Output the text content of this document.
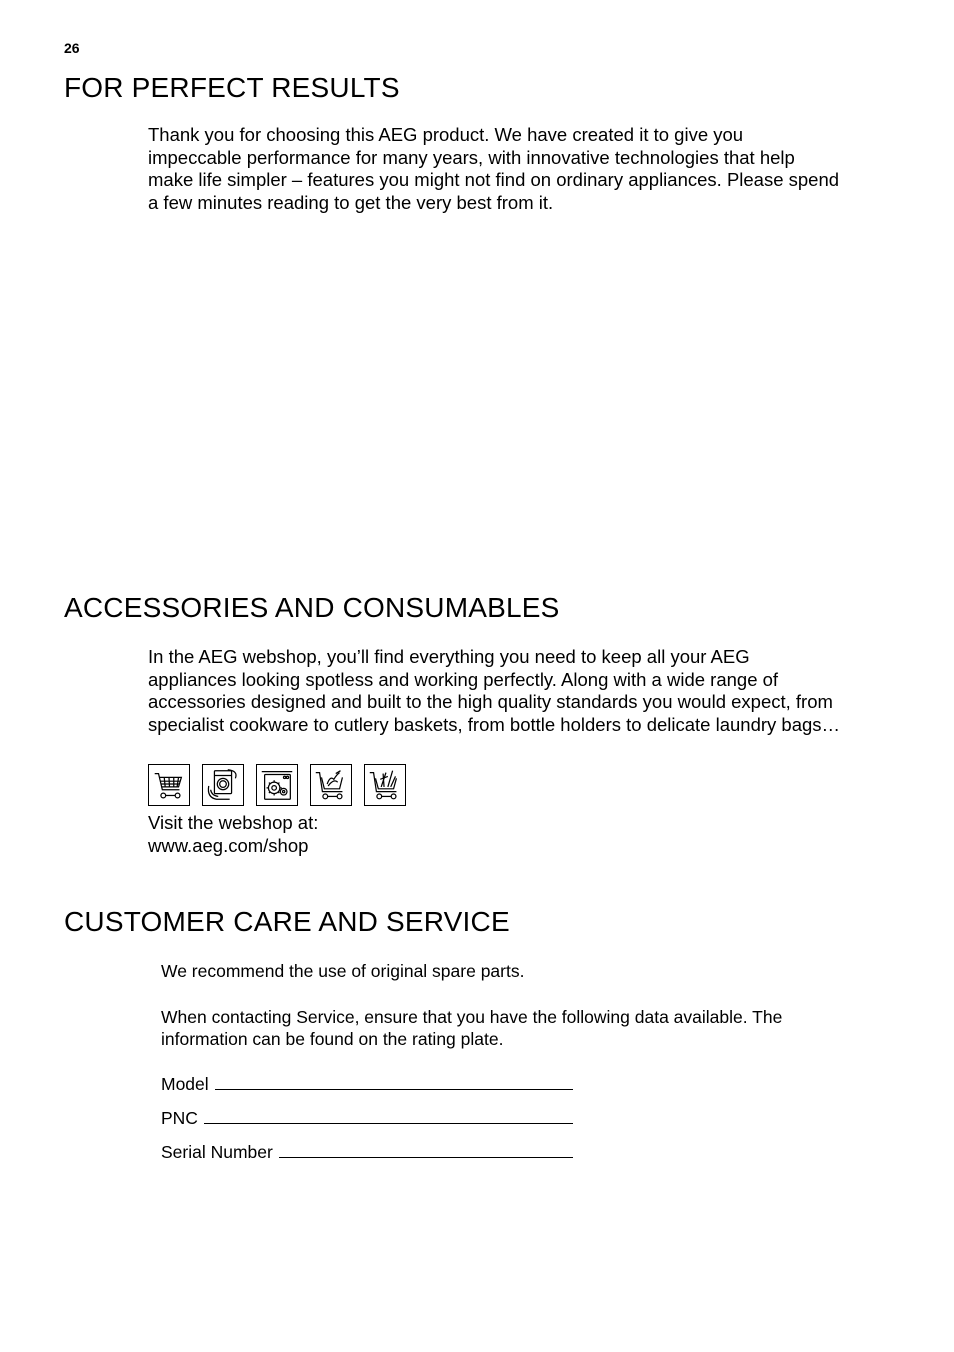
26
FOR PERFECT RESULTS

Thank you for choosing this AEG product. We have created it to give you

impeccable performance for many years, with innovative technologies that help

make life simpler – features you might not find on ordinary appliances. Please spend

a few minutes reading to get the very best from it.

ACCESSORIES AND CONSUMABLES

In the AEG webshop, you’ll find everything you need to keep all your AEG

appliances looking spotless and working perfectly. Along with a wide range of

accessories designed and built to the high quality standards you would expect, from

specialist cookware to cutlery baskets, from bottle holders to delicate laundry bags…

Visit the webshop at:

www.aeg.com/shop

CUSTOMER CARE AND SERVICE

We recommend the use of original spare parts.

When contacting Service, ensure that you have the following data available. The

information can be found on the rating plate.

Model
PNC
Serial Number
